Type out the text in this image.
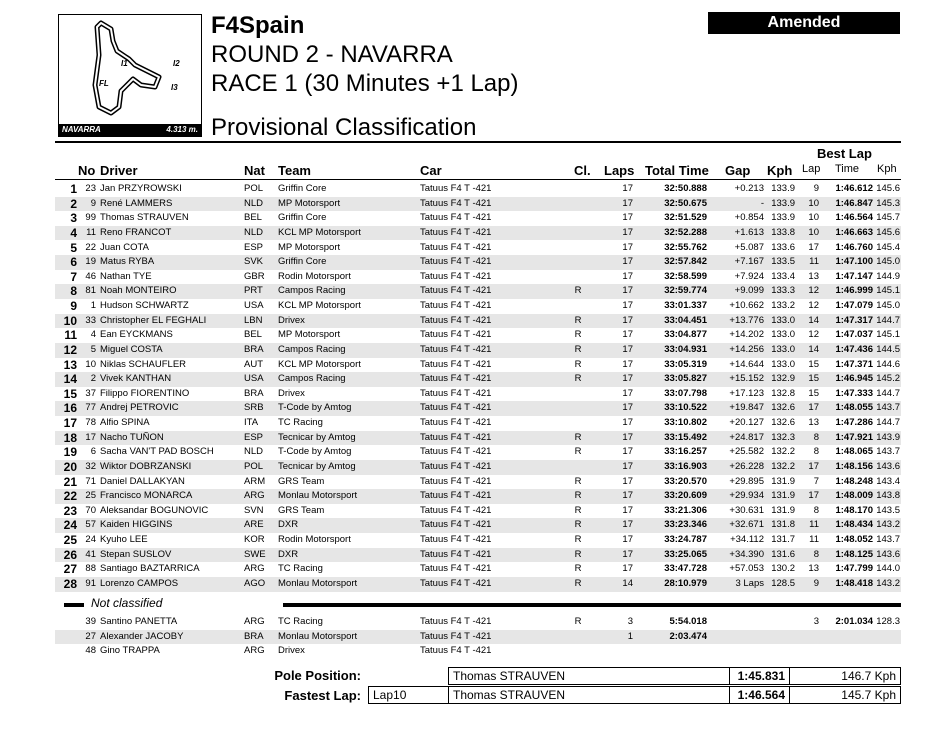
I1	I2
FL	I3
NAVARRA	4.313 m.
F4Spain
ROUND 2 - NAVARRA
RACE 1 (30 Minutes +1 Lap)
Provisional Classification
Amended
Best Lap
No Driver	Nat Team	Car	Cl. Laps Total Time Gap Kph Lap Time Kph
1 23 Jan PRZYROWSKI	POL	Griffin Core	Tatuus F4 T -421	17	32:50.888	+0.213 133.9	9	1:46.612 145.6
2	9 René LAMMERS	NLD	MP Motorsport	Tatuus F4 T -421	17	32:50.675	- 133.9	10	1:46.847 145.3
3 99 Thomas STRAUVEN	BEL	Griffin Core	Tatuus F4 T -421	17	32:51.529	+0.854 133.9	10	1:46.564 145.7
4 11 Reno FRANCOT	NLD	KCL MP Motorsport	Tatuus F4 T -421	17	32:52.288	+1.613 133.8	10	1:46.663 145.6
5 22 Juan COTA	ESP	MP Motorsport	Tatuus F4 T -421	17	32:55.762	+5.087 133.6	17	1:46.760 145.4
6 19 Matus RYBA	SVK	Griffin Core	Tatuus F4 T -421	17	32:57.842	+7.167 133.5	11	1:47.100 145.0
7 46 Nathan TYE	GBR	Rodin Motorsport	Tatuus F4 T -421	17	32:58.599	+7.924 133.4	13	1:47.147 144.9
8 81 Noah MONTEIRO	PRT	Campos Racing	Tatuus F4 T -421	R	17	32:59.774	+9.099 133.3	12	1:46.999 145.1
9	1 Hudson SCHWARTZ	USA	KCL MP Motorsport	Tatuus F4 T -421	17	33:01.337	+10.662 133.2	12	1:47.079 145.0
10 33 Christopher EL FEGHALI	LBN	Drivex	Tatuus F4 T -421	R	17	33:04.451	+13.776 133.0	14	1:47.317 144.7
11	4 Ean EYCKMANS	BEL	MP Motorsport	Tatuus F4 T -421	R	17	33:04.877	+14.202 133.0	12	1:47.037 145.1
12	5 Miguel COSTA	BRA	Campos Racing	Tatuus F4 T -421	R	17	33:04.931	+14.256 133.0	14	1:47.436 144.5
13 10 Niklas SCHAUFLER	AUT	KCL MP Motorsport	Tatuus F4 T -421	R	17	33:05.319	+14.644 133.0	15	1:47.371 144.6
14	2 Vivek KANTHAN	USA	Campos Racing	Tatuus F4 T -421	R	17	33:05.827	+15.152 132.9	15	1:46.945 145.2
15 37 Filippo FIORENTINO	BRA	Drivex	Tatuus F4 T -421	17	33:07.798	+17.123 132.8	15	1:47.333 144.7
16 77 Andrej PETROVIC	SRB	T-Code by Amtog	Tatuus F4 T -421	17	33:10.522	+19.847 132.6	17	1:48.055 143.7
17 78 Alfio SPINA	ITA	TC Racing	Tatuus F4 T -421	17	33:10.802	+20.127 132.6	13	1:47.286 144.7
18 17 Nacho TUÑON	ESP	Tecnicar by Amtog	Tatuus F4 T -421	R	17	33:15.492	+24.817 132.3	8	1:47.921 143.9
19	6 Sacha VAN'T PAD BOSCH	NLD	T-Code by Amtog	Tatuus F4 T -421	R	17	33:16.257	+25.582 132.2	8	1:48.065 143.7
20 32 Wiktor DOBRZANSKI	POL	Tecnicar by Amtog	Tatuus F4 T -421	17	33:16.903	+26.228 132.2	17	1:48.156 143.6
21 71 Daniel DALLAKYAN	ARM	GRS Team	Tatuus F4 T -421	R	17	33:20.570	+29.895 131.9	7	1:48.248 143.4
22 25 Francisco MONARCA	ARG	Monlau Motorsport	Tatuus F4 T -421	R	17	33:20.609	+29.934 131.9	17	1:48.009 143.8
23 70 Aleksandar BOGUNOVIC	SVN	GRS Team	Tatuus F4 T -421	R	17	33:21.306	+30.631 131.9	8	1:48.170 143.5
24 57 Kaiden HIGGINS	ARE	DXR	Tatuus F4 T -421	R	17	33:23.346	+32.671 131.8	11	1:48.434 143.2
25 24 Kyuho LEE	KOR	Rodin Motorsport	Tatuus F4 T -421	R	17	33:24.787	+34.112 131.7	11	1:48.052 143.7
26 41 Stepan SUSLOV	SWE	DXR	Tatuus F4 T -421	R	17	33:25.065	+34.390 131.6	8	1:48.125 143.6
27 88 Santiago BAZTARRICA	ARG	TC Racing	Tatuus F4 T -421	R	17	33:47.728	+57.053 130.2	13	1:47.799 144.0
28 91 Lorenzo CAMPOS	AGO	Monlau Motorsport	Tatuus F4 T -421	R	14	28:10.979	3 Laps 128.5	9	1:48.418 143.2
Not classified
39 Santino PANETTA	ARG	TC Racing	Tatuus F4 T -421	R	3	5:54.018	3	2:01.034 128.3
27 Alexander JACOBY	BRA	Monlau Motorsport	Tatuus F4 T -421	1	2:03.474
48 Gino TRAPPA	ARG	Drivex	Tatuus F4 T -421
Pole Position:	Thomas STRAUVEN	1:45.831	146.7 Kph
Fastest Lap:	Lap10	Thomas STRAUVEN	1:46.564	145.7 Kph
